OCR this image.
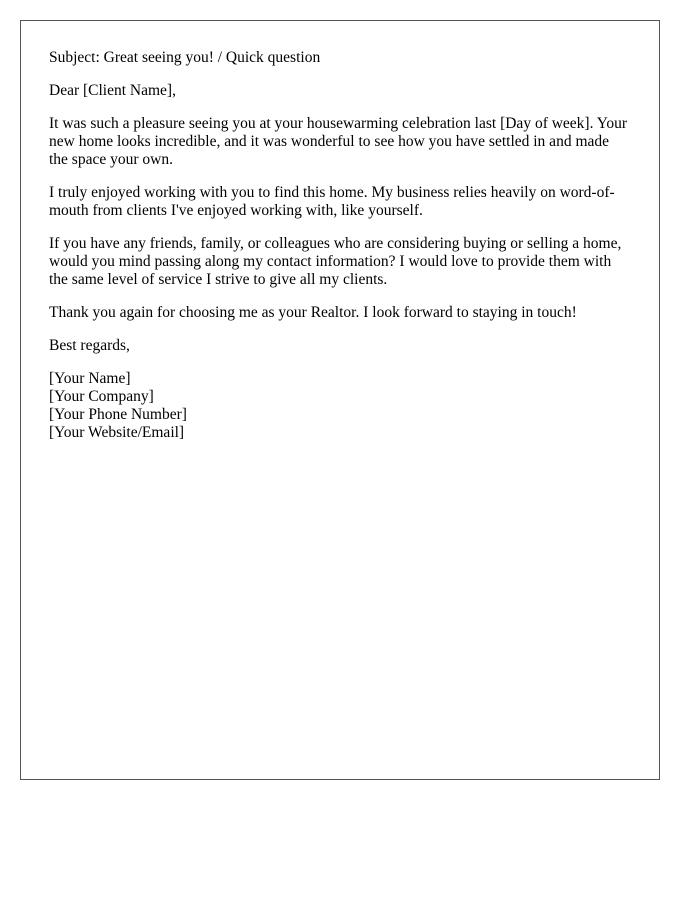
Subject: Great seeing you! / Quick question

Dear [Client Name],

It was such a pleasure seeing you at your housewarming celebration last [Day of week]. Your new home looks incredible, and it was wonderful to see how you have settled in and made the space your own.

I truly enjoyed working with you to find this home. My business relies heavily on word-of-mouth from clients I've enjoyed working with, like yourself.

If you have any friends, family, or colleagues who are considering buying or selling a home, would you mind passing along my contact information? I would love to provide them with the same level of service I strive to give all my clients.

Thank you again for choosing me as your Realtor. I look forward to staying in touch!

Best regards,

[Your Name]
[Your Company]
[Your Phone Number]
[Your Website/Email]
